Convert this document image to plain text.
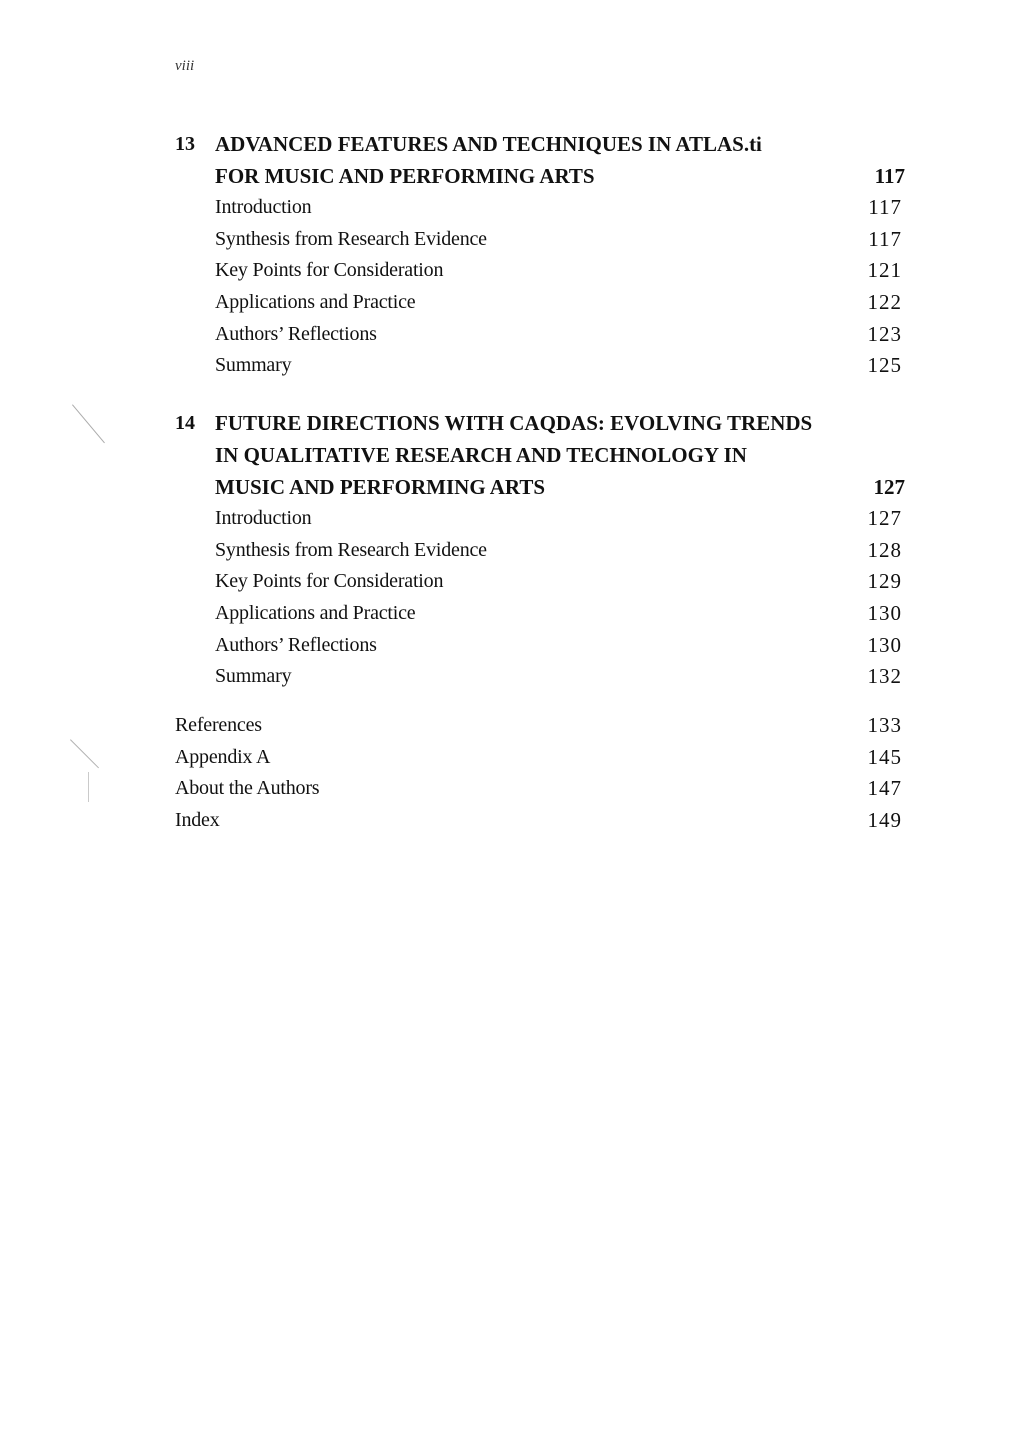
viii
13 ADVANCED FEATURES AND TECHNIQUES IN ATLAS.ti
FOR MUSIC AND PERFORMING ARTS	117
Introduction	117
Synthesis from Research Evidence	117
Key Points for Consideration	121
Applications and Practice	122
Authors’ Reflections	123
Summary	125
14 FUTURE DIRECTIONS WITH CAQDAS: EVOLVING TRENDS
IN QUALITATIVE RESEARCH AND TECHNOLOGY IN
MUSIC AND PERFORMING ARTS	127
Introduction	127
Synthesis from Research Evidence	128
Key Points for Consideration	129
Applications and Practice	130
Authors’ Reflections	130
Summary	132
References	133
Appendix A	145
About the Authors	147
Index	149
